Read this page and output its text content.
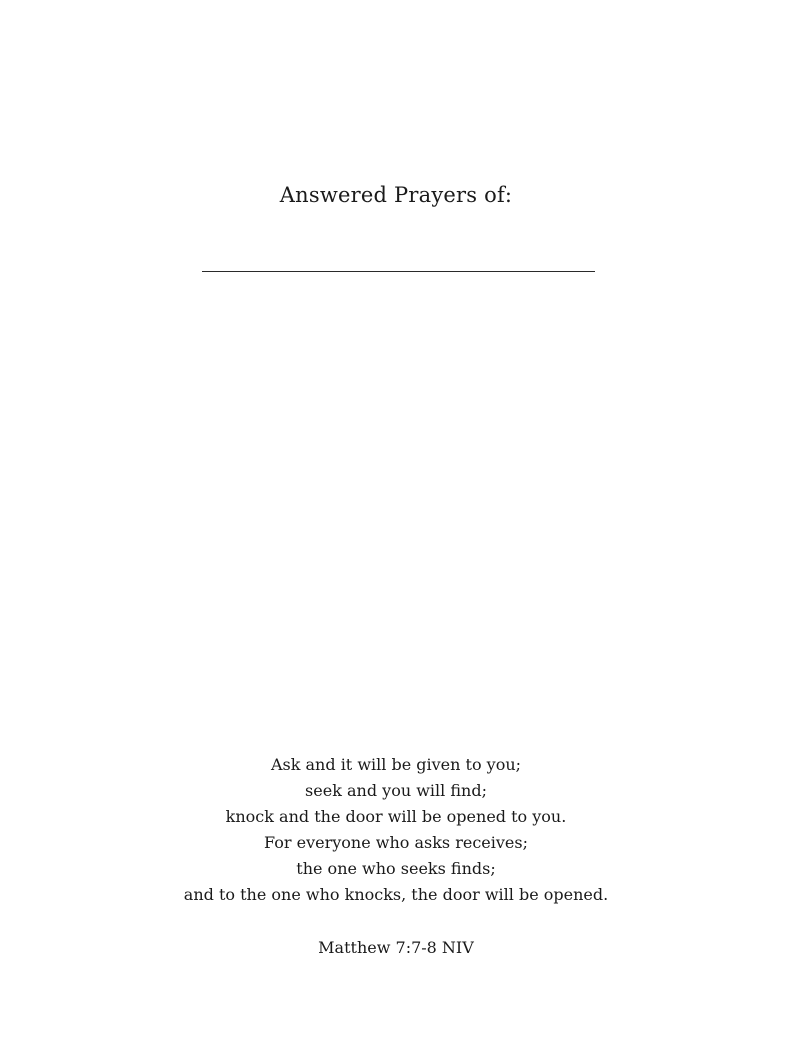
Answered Prayers of:
Ask and it will be given to you;
seek and you will find;
knock and the door will be opened to you.
For everyone who asks receives;
the one who seeks finds;
and to the one who knocks, the door will be opened.
Matthew 7:7-8 NIV
